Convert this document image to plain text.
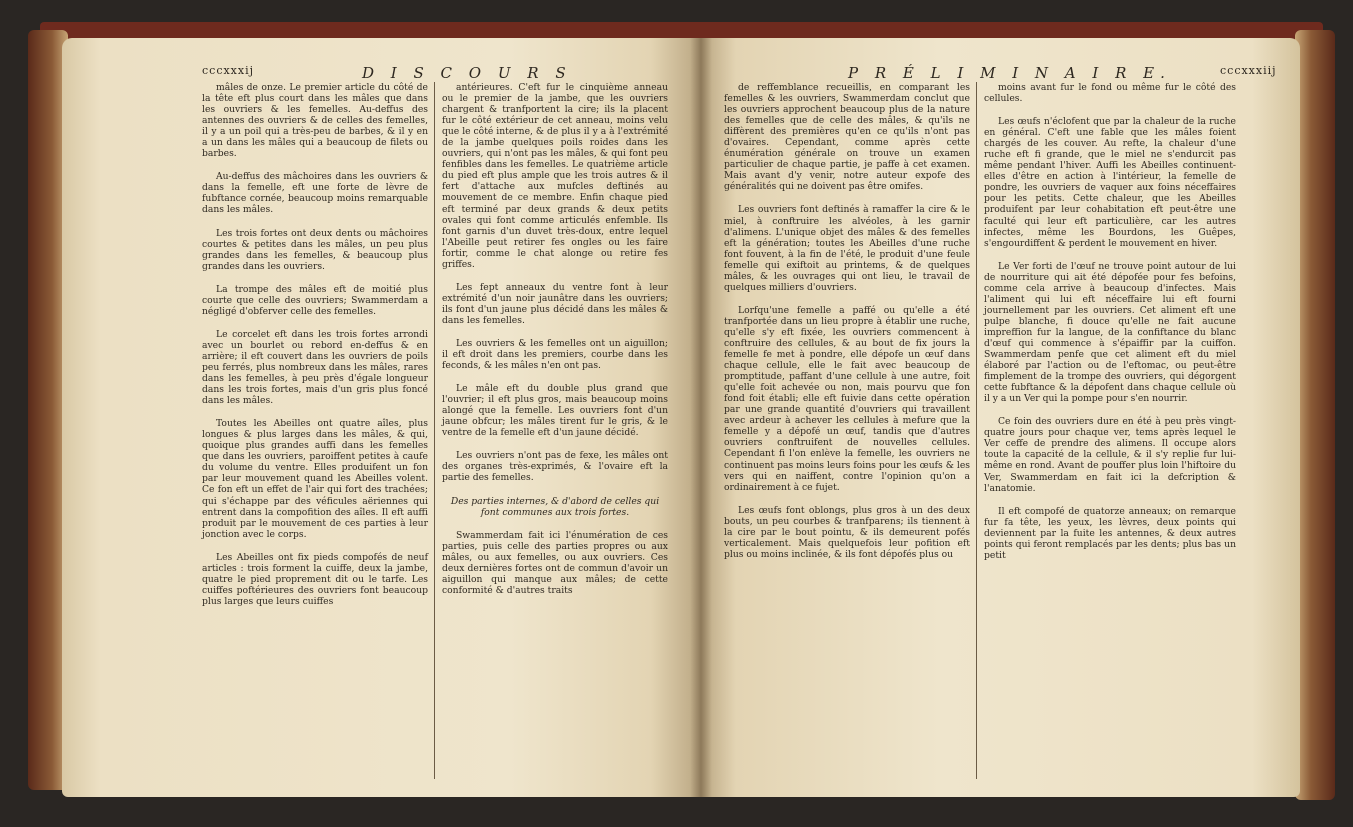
cccxxxij	D I S C O U R S

mâles de onze. Le premier article du côté de la tête eft plus court dans les mâles que dans les ouvriers & les femelles. Au-deffus des antennes des ouvriers & de celles des femelles, il y a un poil qui a très-peu de barbes, & il y en a un dans les mâles qui a beaucoup de filets ou barbes.

Au-deffus des mâchoires dans les ouvriers & dans la femelle, eft une forte de lèvre de fubftance cornée, beaucoup moins remarquable dans les mâles.

Les trois fortes ont deux dents ou mâchoires courtes & petites dans les mâles, un peu plus grandes dans les femelles, & beaucoup plus grandes dans les ouvriers.

La trompe des mâles eft de moitié plus courte que celle des ouvriers; Swammerdam a négligé d'obferver celle des femelles.

Le corcelet eft dans les trois fortes arrondi avec un bourlet ou rebord en-deffus & en arrière; il eft couvert dans les ouvriers de poils peu ferrés, plus nombreux dans les mâles, rares dans les femelles, à peu près d'égale longueur dans les trois fortes, mais d'un gris plus foncé dans les mâles.

Toutes les Abeilles ont quatre aîles, plus longues & plus larges dans les mâles, & qui, quoique plus grandes auffi dans les femelles que dans les ouvriers, paroiffent petites à caufe du volume du ventre. Elles produifent un fon par leur mouvement quand les Abeilles volent. Ce fon eft un effet de l'air qui fort des trachées; qui s'échappe par des véficules aëriennes qui entrent dans la compofition des aîles. Il eft auffi produit par le mouvement de ces parties à leur jonction avec le corps.

Les Abeilles ont fix pieds compofés de neuf articles : trois forment la cuiffe, deux la jambe, quatre le pied proprement dit ou le tarfe. Les cuiffes poftérieures des ouvriers font beaucoup plus larges que leurs cuiffes

antérieures. C'eft fur le cinquième anneau ou le premier de la jambe, que les ouvriers chargent & tranfportent la cire; ils la placent fur le côté extérieur de cet anneau, moins velu que le côté interne, & de plus il y a à l'extrémité de la jambe quelques poils roides dans les ouvriers, qui n'ont pas les mâles, & qui font peu fenfibles dans les femelles. Le quatrième article du pied eft plus ample que les trois autres & il fert d'attache aux mufcles deftinés au mouvement de ce membre. Enfin chaque pied eft terminé par deux grands & deux petits ovales qui font comme articulés enfemble. Ils font garnis d'un duvet très-doux, entre lequel l'Abeille peut retirer fes ongles ou les faire fortir, comme le chat alonge ou retire fes griffes.

Les fept anneaux du ventre font à leur extrémité d'un noir jaunâtre dans les ouvriers; ils font d'un jaune plus décidé dans les mâles & dans les femelles.

Les ouvriers & les femelles ont un aiguillon; il eft droit dans les premiers, courbe dans les feconds, & les mâles n'en ont pas.

Le mâle eft du double plus grand que l'ouvrier; il eft plus gros, mais beaucoup moins alongé que la femelle. Les ouvriers font d'un jaune obfcur; les mâles tirent fur le gris, & le ventre de la femelle eft d'un jaune décidé.

Les ouvriers n'ont pas de fexe, les mâles ont des organes très-exprimés, & l'ovaire eft la partie des femelles.

Des parties internes, & d'abord de celles qui font communes aux trois fortes.

Swammerdam fait ici l'énumération de ces parties, puis celle des parties propres ou aux mâles, ou aux femelles, ou aux ouvriers. Ces deux dernières fortes ont de commun d'avoir un aiguillon qui manque aux mâles; de cette conformité & d'autres traits

P R É L I M I N A I R E.	cccxxxiij

de reffemblance recueillis, en comparant les femelles & les ouvriers, Swammerdam conclut que les ouvriers approchent beaucoup plus de la nature des femelles que de celle des mâles, & qu'ils ne diffèrent des premières qu'en ce qu'ils n'ont pas d'ovaires. Cependant, comme après cette énumération générale on trouve un examen particulier de chaque partie, je paffe à cet examen. Mais avant d'y venir, notre auteur expofe des généralités qui ne doivent pas être omifes.

Les ouvriers font deftinés à ramaffer la cire & le miel, à conftruire les alvéoles, à les garnir d'alimens. L'unique objet des mâles & des femelles eft la génération; toutes les Abeilles d'une ruche font fouvent, à la fin de l'été, le produit d'une feule femelle qui exiftoit au printems, & de quelques mâles, & les ouvrages qui ont lieu, le travail de quelques milliers d'ouvriers.

Lorfqu'une femelle a paffé ou qu'elle a été tranfportée dans un lieu propre à établir une ruche, qu'elle s'y eft fixée, les ouvriers commencent à conftruire des cellules, & au bout de fix jours la femelle fe met à pondre, elle dépofe un œuf dans chaque cellule, elle le fait avec beaucoup de promptitude, paffant d'une cellule à une autre, foit qu'elle foit achevée ou non, mais pourvu que fon fond foit établi; elle eft fuivie dans cette opération par une grande quantité d'ouvriers qui travaillent avec ardeur à achever les cellules à mefure que la femelle y a dépofé un œuf, tandis que d'autres ouvriers conftruifent de nouvelles cellules. Cependant fi l'on enlève la femelle, les ouvriers ne continuent pas moins leurs foins pour les œufs & les vers qui en naiffent, contre l'opinion qu'on a ordinairement à ce fujet.

Les œufs font oblongs, plus gros à un des deux bouts, un peu courbes & tranfparens; ils tiennent à la cire par le bout pointu, & ils demeurent pofés verticalement. Mais quelquefois leur pofition eft plus ou moins inclinée, & ils font dépofés plus ou

moins avant fur le fond ou même fur le côté des cellules.

Les œufs n'éclofent que par la chaleur de la ruche en général. C'eft une fable que les mâles foient chargés de les couver. Au refte, la chaleur d'une ruche eft fi grande, que le miel ne s'endurcit pas même pendant l'hiver. Auffi les Abeilles continuent-elles d'être en action à l'intérieur, la femelle de pondre, les ouvriers de vaquer aux foins néceffaires pour les petits. Cette chaleur, que les Abeilles produifent par leur cohabitation eft peut-être une faculté qui leur eft particulière, car les autres infectes, même les Bourdons, les Guêpes, s'engourdiffent & perdent le mouvement en hiver.

Le Ver forti de l'œuf ne trouve point autour de lui de nourriture qui ait été dépofée pour fes befoins, comme cela arrive à beaucoup d'infectes. Mais l'aliment qui lui eft néceffaire lui eft fourni journellement par les ouvriers. Cet aliment eft une pulpe blanche, fi douce qu'elle ne fait aucune impreffion fur la langue, de la confiftance du blanc d'œuf qui commence à s'épaiffir par la cuiffon. Swammerdam penfe que cet aliment eft du miel élaboré par l'action ou de l'eftomac, ou peut-être fimplement de la trompe des ouvriers, qui dégorgent cette fubftance & la dépofent dans chaque cellule où il y a un Ver qui la pompe pour s'en nourrir.

Ce foin des ouvriers dure en été à peu près vingt-quatre jours pour chaque ver, tems après lequel le Ver ceffe de prendre des alimens. Il occupe alors toute la capacité de la cellule, & il s'y replie fur lui-même en rond. Avant de pouffer plus loin l'hiftoire du Ver, Swammerdam en fait ici la defcription & l'anatomie.

Il eft compofé de quatorze anneaux; on remarque fur fa tête, les yeux, les lèvres, deux points qui deviennent par la fuite les antennes, & deux autres points qui feront remplacés par les dents; plus bas un petit
